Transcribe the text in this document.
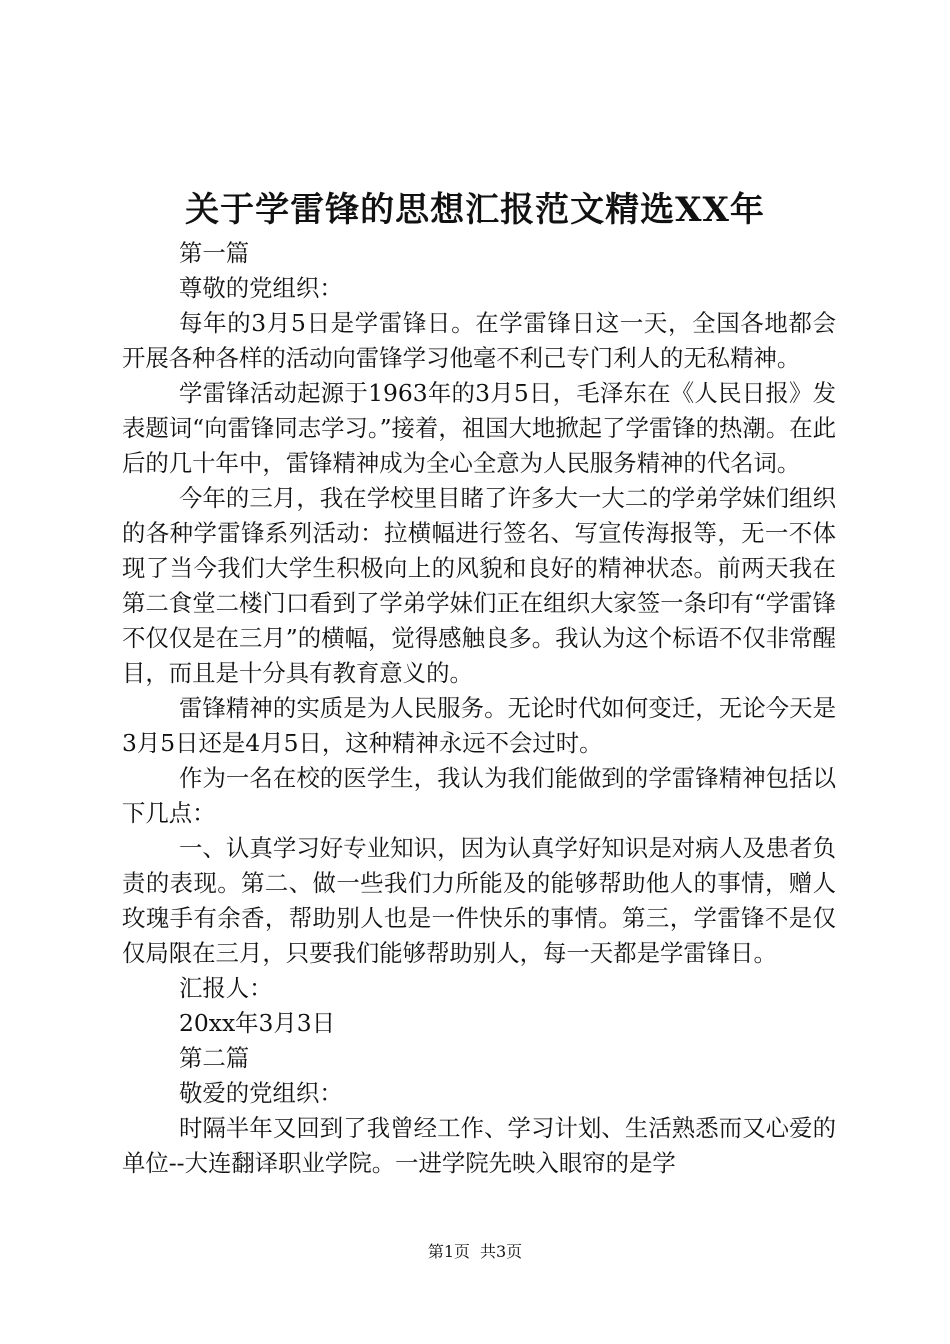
关于学雷锋的思想汇报范文精选XX年

第一篇

尊敬的党组织：

每年的3月5日是学雷锋日。在学雷锋日这一天，全国各地都会开展各种各样的活动向雷锋学习他毫不利己专门利人的无私精神。

学雷锋活动起源于1963年的3月5日，毛泽东在《人民日报》发表题词“向雷锋同志学习。”接着，祖国大地掀起了学雷锋的热潮。在此后的几十年中，雷锋精神成为全心全意为人民服务精神的代名词。

今年的三月，我在学校里目睹了许多大一大二的学弟学妹们组织的各种学雷锋系列活动：拉横幅进行签名、写宣传海报等，无一不体现了当今我们大学生积极向上的风貌和良好的精神状态。前两天我在第二食堂二楼门口看到了学弟学妹们正在组织大家签一条印有“学雷锋不仅仅是在三月”的横幅，觉得感触良多。我认为这个标语不仅非常醒目，而且是十分具有教育意义的。

雷锋精神的实质是为人民服务。无论时代如何变迁，无论今天是3月5日还是4月5日，这种精神永远不会过时。

作为一名在校的医学生，我认为我们能做到的学雷锋精神包括以下几点：

一、认真学习好专业知识，因为认真学好知识是对病人及患者负责的表现。第二、做一些我们力所能及的能够帮助他人的事情，赠人玫瑰手有余香，帮助别人也是一件快乐的事情。第三，学雷锋不是仅仅局限在三月，只要我们能够帮助别人，每一天都是学雷锋日。

汇报人：

20xx年3月3日

第二篇

敬爱的党组织：

时隔半年又回到了我曾经工作、学习计划、生活熟悉而又心爱的单位--大连翻译职业学院。一进学院先映入眼帘的是学

第1页 共3页
